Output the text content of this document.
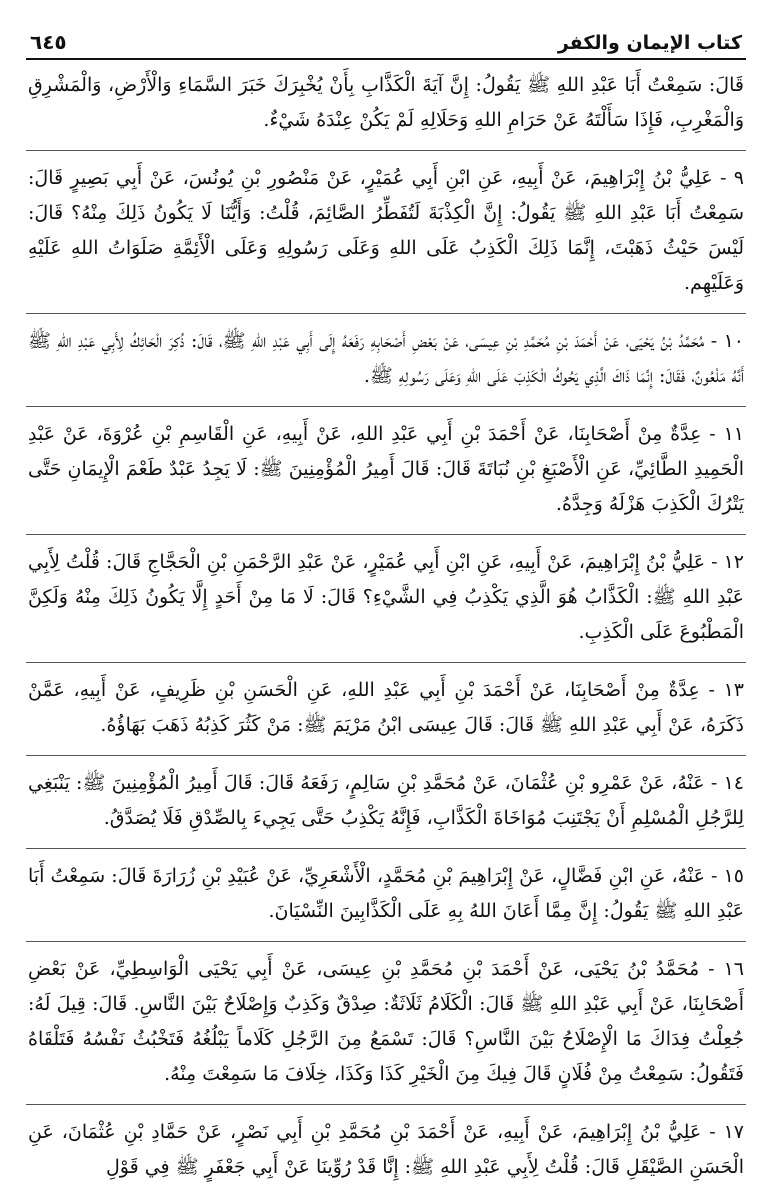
كتاب الإيمان والكفر
٦٤٥

قَالَ: سَمِعْتُ أَبَا عَبْدِ اللهِ ﷺ يَقُولُ: إِنَّ آيَةَ الْكَذَّابِ بِأَنْ يُخْبِرَكَ خَبَرَ السَّمَاءِ وَالْأَرْضِ، وَالْمَشْرِقِ وَالْمَغْرِبِ، فَإِذَا سَأَلْتَهُ عَنْ حَرَامِ اللهِ وَحَلَالِهِ لَمْ يَكُنْ عِنْدَهُ شَيْءٌ.

٩ - عَلِيُّ بْنُ إِبْرَاهِيمَ، عَنْ أَبِيهِ، عَنِ ابْنِ أَبِي عُمَيْرٍ، عَنْ مَنْصُورِ بْنِ يُونُسَ، عَنْ أَبِي بَصِيرٍ قَالَ: سَمِعْتُ أَبَا عَبْدِ اللهِ ﷺ يَقُولُ: إِنَّ الْكِذْبَةَ لَتُفَطِّرُ الصَّائِمَ، قُلْتُ: وَأَيُّنَا لَا يَكُونُ ذَلِكَ مِنْهُ؟ قَالَ: لَيْسَ حَيْثُ ذَهَبْتَ، إِنَّمَا ذَلِكَ الْكَذِبُ عَلَى اللهِ وَعَلَى رَسُولِهِ وَعَلَى الْأَئِمَّةِ صَلَوَاتُ اللهِ عَلَيْهِ وَعَلَيْهِم.

١٠ - مُحَمَّدُ بْنُ يَحْيَى، عَنْ أَحْمَدَ بْنِ مُحَمَّدِ بْنِ عِيسَى، عَنْ بَعْضِ أَصْحَابِهِ رَفَعَهُ إِلَى أَبِي عَبْدِ اللهِ ﷺ، قَالَ: ذُكِرَ الْحَائِكُ لِأَبِي عَبْدِ اللهِ ﷺ أَنَّهُ مَلْعُونٌ، فَقَالَ: إِنَّمَا ذَاكَ الَّذِي يَحُوكُ الْكَذِبَ عَلَى اللهِ وَعَلَى رَسُولِهِ ﷺ.

١١ - عِدَّةٌ مِنْ أَصْحَابِنَا، عَنْ أَحْمَدَ بْنِ أَبِي عَبْدِ اللهِ، عَنْ أَبِيهِ، عَنِ الْقَاسِمِ بْنِ عُرْوَةَ، عَنْ عَبْدِ الْحَمِيدِ الطَّائِيِّ، عَنِ الْأَصْبَغِ بْنِ نُبَاتَةَ قَالَ: قَالَ أَمِيرُ الْمُؤْمِنِينَ ﷺ: لَا يَجِدُ عَبْدٌ طَعْمَ الْإِيمَانِ حَتَّى يَتْرُكَ الْكَذِبَ هَزْلَهُ وَجِدَّهُ.

١٢ - عَلِيُّ بْنُ إِبْرَاهِيمَ، عَنْ أَبِيهِ، عَنِ ابْنِ أَبِي عُمَيْرٍ، عَنْ عَبْدِ الرَّحْمَنِ بْنِ الْحَجَّاجِ قَالَ: قُلْتُ لِأَبِي عَبْدِ اللهِ ﷺ: الْكَذَّابُ هُوَ الَّذِي يَكْذِبُ فِي الشَّيْءِ؟ قَالَ: لَا مَا مِنْ أَحَدٍ إِلَّا يَكُونُ ذَلِكَ مِنْهُ وَلَكِنَّ الْمَطْبُوعَ عَلَى الْكَذِبِ.

١٣ - عِدَّةٌ مِنْ أَصْحَابِنَا، عَنْ أَحْمَدَ بْنِ أَبِي عَبْدِ اللهِ، عَنِ الْحَسَنِ بْنِ ظَرِيفٍ، عَنْ أَبِيهِ، عَمَّنْ ذَكَرَهُ، عَنْ أَبِي عَبْدِ اللهِ ﷺ قَالَ: قَالَ عِيسَى ابْنُ مَرْيَمَ ﷺ: مَنْ كَثُرَ كَذِبُهُ ذَهَبَ بَهَاؤُهُ.

١٤ - عَنْهُ، عَنْ عَمْرِو بْنِ عُثْمَانَ، عَنْ مُحَمَّدِ بْنِ سَالِمٍ، رَفَعَهُ قَالَ: قَالَ أَمِيرُ الْمُؤْمِنِينَ ﷺ: يَنْبَغِي لِلرَّجُلِ الْمُسْلِمِ أَنْ يَجْتَنِبَ مُوَاخَاةَ الْكَذَّابِ، فَإِنَّهُ يَكْذِبُ حَتَّى يَجِيءَ بِالصِّدْقِ فَلَا يُصَدَّقُ.

١٥ - عَنْهُ، عَنِ ابْنِ فَضَّالٍ، عَنْ إِبْرَاهِيمَ بْنِ مُحَمَّدٍ، الْأَشْعَرِيِّ، عَنْ عُبَيْدِ بْنِ زُرَارَةَ قَالَ: سَمِعْتُ أَبَا عَبْدِ اللهِ ﷺ يَقُولُ: إِنَّ مِمَّا أَعَانَ اللهُ بِهِ عَلَى الْكَذَّابِينَ النِّسْيَانَ.

١٦ - مُحَمَّدُ بْنُ يَحْيَى، عَنْ أَحْمَدَ بْنِ مُحَمَّدِ بْنِ عِيسَى، عَنْ أَبِي يَحْيَى الْوَاسِطِيِّ، عَنْ بَعْضِ أَصْحَابِنَا، عَنْ أَبِي عَبْدِ اللهِ ﷺ قَالَ: الْكَلَامُ ثَلَاثَةٌ: صِدْقٌ وَكَذِبٌ وَإِصْلَاحٌ بَيْنَ النَّاسِ. قَالَ: قِيلَ لَهُ: جُعِلْتُ فِدَاكَ مَا الْإِصْلَاحُ بَيْنَ النَّاسِ؟ قَالَ: تَسْمَعُ مِنَ الرَّجُلِ كَلَاماً يَبْلُغُهُ فَتَخْبُثُ نَفْسُهُ فَتَلْقَاهُ فَتَقُولُ: سَمِعْتُ مِنْ فُلَانٍ قَالَ فِيكَ مِنَ الْخَيْرِ كَذَا وَكَذَا، خِلَافَ مَا سَمِعْتَ مِنْهُ.

١٧ - عَلِيُّ بْنُ إِبْرَاهِيمَ، عَنْ أَبِيهِ، عَنْ أَحْمَدَ بْنِ مُحَمَّدِ بْنِ أَبِي نَصْرٍ، عَنْ حَمَّادِ بْنِ عُثْمَانَ، عَنِ الْحَسَنِ الصَّيْقَلِ قَالَ: قُلْتُ لِأَبِي عَبْدِ اللهِ ﷺ: إِنَّا قَدْ رُوِّينَا عَنْ أَبِي جَعْفَرٍ ﷺ فِي قَوْلِ
